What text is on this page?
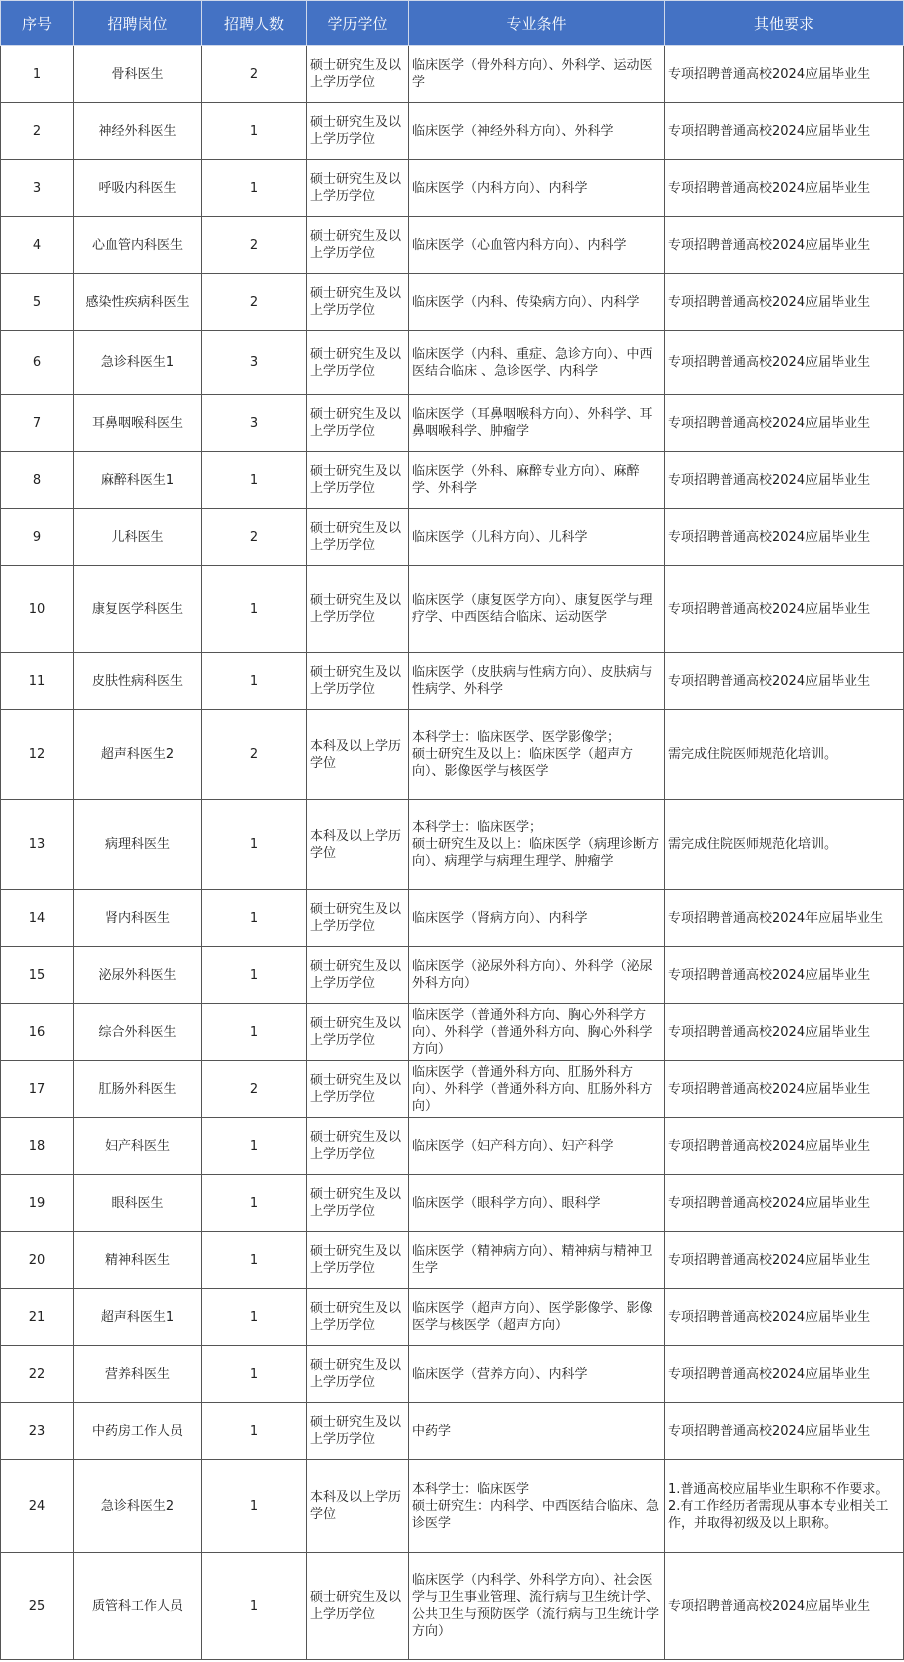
序号	招聘岗位	招聘人数	学历学位	专业条件	其他要求
1	骨科医生	2	硕士研究生及以上学历学位	临床医学（骨外科方向）、外科学、运动医学	专项招聘普通高校2024应届毕业生
2	神经外科医生	1	硕士研究生及以上学历学位	临床医学（神经外科方向）、外科学	专项招聘普通高校2024应届毕业生
3	呼吸内科医生	1	硕士研究生及以上学历学位	临床医学（内科方向）、内科学	专项招聘普通高校2024应届毕业生
4	心血管内科医生	2	硕士研究生及以上学历学位	临床医学（心血管内科方向）、内科学	专项招聘普通高校2024应届毕业生
5	感染性疾病科医生	2	硕士研究生及以上学历学位	临床医学（内科、传染病方向）、内科学	专项招聘普通高校2024应届毕业生
6	急诊科医生1	3	硕士研究生及以上学历学位	临床医学（内科、重症、急诊方向）、中西医结合临床 、急诊医学、内科学	专项招聘普通高校2024应届毕业生
7	耳鼻咽喉科医生	3	硕士研究生及以上学历学位	临床医学（耳鼻咽喉科方向）、外科学、耳鼻咽喉科学、肿瘤学	专项招聘普通高校2024应届毕业生
8	麻醉科医生1	1	硕士研究生及以上学历学位	临床医学（外科、麻醉专业方向）、麻醉学、外科学	专项招聘普通高校2024应届毕业生
9	儿科医生	2	硕士研究生及以上学历学位	临床医学（儿科方向）、儿科学	专项招聘普通高校2024应届毕业生
10	康复医学科医生	1	硕士研究生及以上学历学位	临床医学（康复医学方向）、康复医学与理疗学、中西医结合临床、运动医学	专项招聘普通高校2024应届毕业生
11	皮肤性病科医生	1	硕士研究生及以上学历学位	临床医学（皮肤病与性病方向）、皮肤病与性病学、外科学	专项招聘普通高校2024应届毕业生
12	超声科医生2	2	本科及以上学历学位	本科学士：临床医学、医学影像学；
硕士研究生及以上：临床医学（超声方向）、影像医学与核医学	需完成住院医师规范化培训。
13	病理科医生	1	本科及以上学历学位	本科学士：临床医学；
硕士研究生及以上：临床医学（病理诊断方向）、病理学与病理生理学、肿瘤学	需完成住院医师规范化培训。
14	肾内科医生	1	硕士研究生及以上学历学位	临床医学（肾病方向）、内科学	专项招聘普通高校2024年应届毕业生
15	泌尿外科医生	1	硕士研究生及以上学历学位	临床医学（泌尿外科方向）、外科学（泌尿外科方向）	专项招聘普通高校2024应届毕业生
16	综合外科医生	1	硕士研究生及以上学历学位	临床医学（普通外科方向、胸心外科学方向）、外科学（普通外科方向、胸心外科学方向）	专项招聘普通高校2024应届毕业生
17	肛肠外科医生	2	硕士研究生及以上学历学位	临床医学（普通外科方向、肛肠外科方向）、外科学（普通外科方向、肛肠外科方向）	专项招聘普通高校2024应届毕业生
18	妇产科医生	1	硕士研究生及以上学历学位	临床医学（妇产科方向）、妇产科学	专项招聘普通高校2024应届毕业生
19	眼科医生	1	硕士研究生及以上学历学位	临床医学（眼科学方向）、眼科学	专项招聘普通高校2024应届毕业生
20	精神科医生	1	硕士研究生及以上学历学位	临床医学（精神病方向）、精神病与精神卫生学	专项招聘普通高校2024应届毕业生
21	超声科医生1	1	硕士研究生及以上学历学位	临床医学（超声方向）、医学影像学、影像医学与核医学（超声方向）	专项招聘普通高校2024应届毕业生
22	营养科医生	1	硕士研究生及以上学历学位	临床医学（营养方向）、内科学	专项招聘普通高校2024应届毕业生
23	中药房工作人员	1	硕士研究生及以上学历学位	中药学	专项招聘普通高校2024应届毕业生
24	急诊科医生2	1	本科及以上学历学位	本科学士：临床医学
硕士研究生：内科学、中西医结合临床、急诊医学	1.普通高校应届毕业生职称不作要求。
2.有工作经历者需现从事本专业相关工作，并取得初级及以上职称。
25	质管科工作人员	1	硕士研究生及以上学历学位	临床医学（内科学、外科学方向）、社会医学与卫生事业管理、流行病与卫生统计学、公共卫生与预防医学（流行病与卫生统计学方向）	专项招聘普通高校2024应届毕业生
